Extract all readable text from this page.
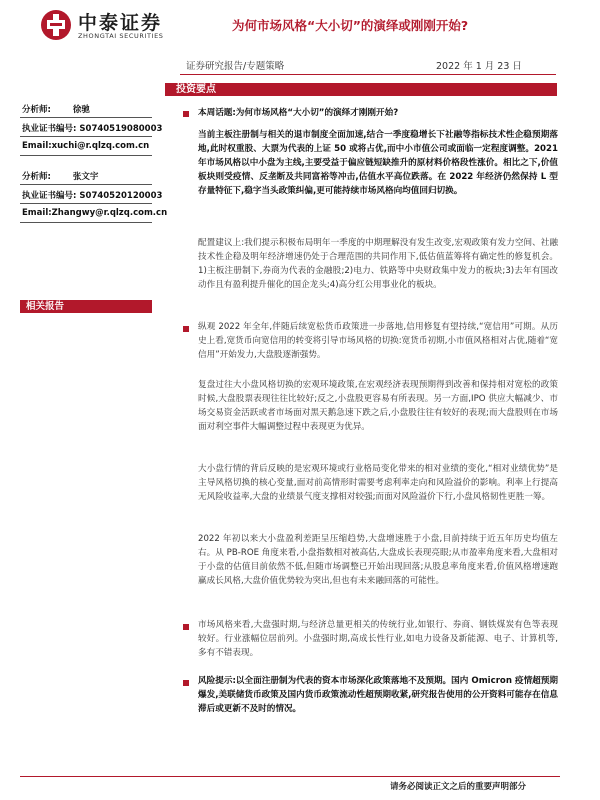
中泰证券
ZHONGTAI SECURITIES
为何市场风格“大小切”的演绎或刚刚开始?
证券研究报告/专题策略	2022 年 1 月 23 日
分析师:	徐驰
执业证书编号: S0740519080003
Email:xuchi@r.qlzq.com.cn
分析师:	张文宇
执业证书编号: S0740520120003
Email:Zhangwy@r.qlzq.com.cn
相关报告
投资要点
本周话题:为何市场风格“大小切”的演绎才刚刚开始?
当前主板注册制与相关的退市制度全面加速,结合一季度稳增长下社融等指标技术性企稳预期落地,此时权重股、大票为代表的上证 50 或将占优,而中小市值公司或面临一定程度调整。2021 年市场风格以中小盘为主线,主要受益于偏应链短缺推升的原材料价格段性涨价。相比之下,价值板块则受疫情、反垄断及共同富裕等冲击,估值水平高位跌落。在 2022 年经济仍然保持 L 型存量特征下,稳字当头政策纠偏,更可能持续市场风格向均值回归切换。
配置建议上:我们提示积极布局明年一季度的中期理解没有发生改变,宏观政策有发力空间、社融技术性企稳及明年经济增速仍处于合理范围的共同作用下,低估值蓝筹将有确定性的修复机会。1)主板注册制下,券商为代表的金融股;2)电力、铁路等中央财政集中发力的板块;3)去年有国改动作且有盈利提升催化的国企龙头;4)高分红公用事业化的板块。
纵观 2022 年全年,伴随后续宽松货币政策进一步落地,信用修复有望持续,“宽信用”可期。从历史上看,宽货币向宽信用的转变将引导市场风格的切换:宽货币初期,小市值风格相对占优,随着“宽信用”开始发力,大盘股逐渐强势。
复盘过往大小盘风格切换的宏观环境政策,在宏观经济表现预期得到改善和保持相对宽松的政策时候,大盘股票表现往往比较好;反之,小盘股更容易有所表现。另一方面,IPO 供应大幅减少、市场交易资金活跃或者市场面对黑天鹅急速下跌之后,小盘股往往有较好的表现;而大盘股则在市场面对利空事件大幅调整过程中表现更为优异。
大小盘行情的背后反映的是宏观环境或行业格局变化带来的相对业绩的变化,“相对业绩优势”是主导风格切换的核心变量,面对前高情形时需要考虑利率走向和风险溢价的影响。利率上行提高无风险收益率,大盘的业绩景气度支撑相对较强;而面对风险溢价下行,小盘风格韧性更胜一筹。
2022 年初以来大小盘盈利差距呈压缩趋势,大盘增速胜于小盘,目前持续于近五年历史均值左右。从 PB-ROE 角度来看,小盘指数相对被高估,大盘成长表现亮眼;从市盈率角度来看,大盘相对于小盘的估值目前依然不低,但随市场调整已开始出现回落;从股息率角度来看,价值风格增速跑赢成长风格,大盘价值优势较为突出,但也有未来融回落的可能性。
市场风格来看,大盘强时期,与经济总量更相关的传统行业,如银行、券商、钢铁煤炭有色等表现较好。行业涨幅位居前列。小盘强时期,高成长性行业,如电力设备及新能源、电子、计算机等,多有不错表现。
风险提示:以全面注册制为代表的资本市场深化政策落地不及预期。国内 Omicron 疫情超预期爆发,美联储货币政策及国内货币政策流动性超预期收紧,研究报告使用的公开资料可能存在信息滞后或更新不及时的情况。
请务必阅读正文之后的重要声明部分
